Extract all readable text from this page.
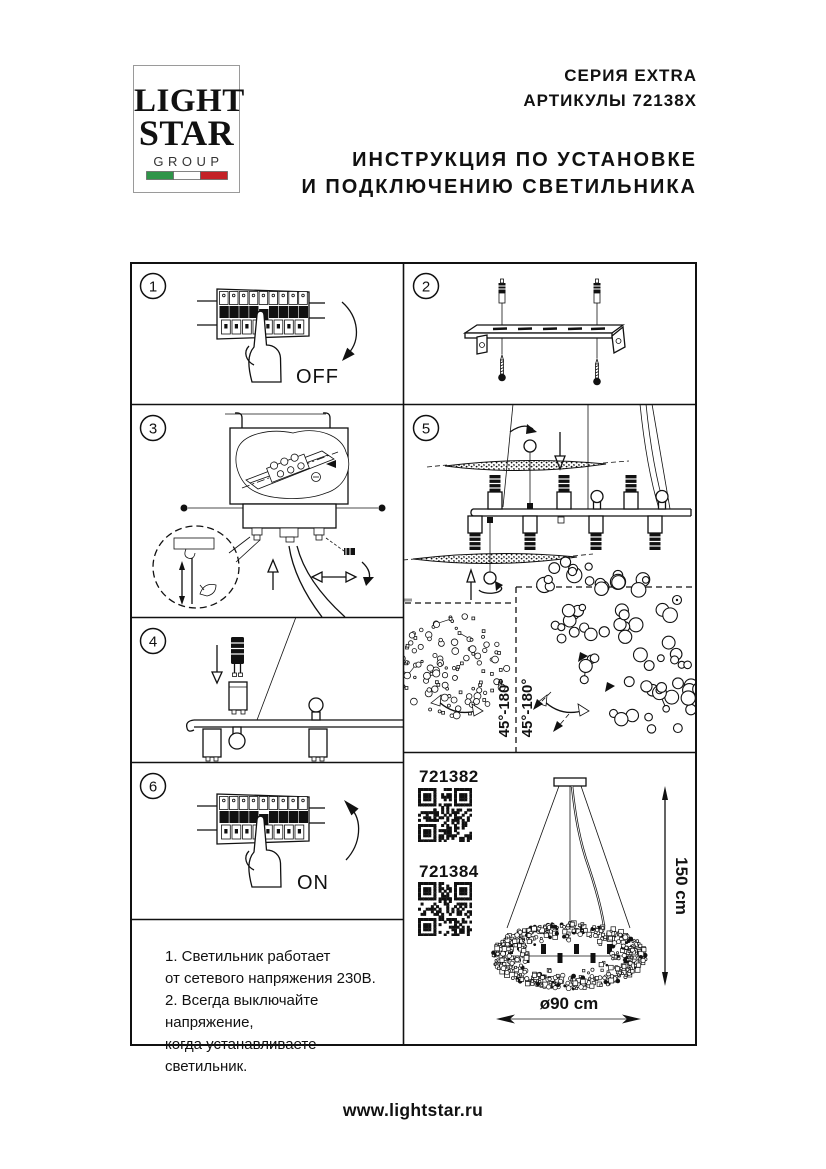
LIGHT
STAR
GROUP
СЕРИЯ EXTRA
АРТИКУЛЫ 72138X
ИНСТРУКЦИЯ ПО УСТАНОВКЕ
И ПОДКЛЮЧЕНИЮ СВЕТИЛЬНИКА
1
OFF
2
3
4
5
45°-180° 45°-180°
6
ON
1. Светильник работает
от сетевого напряжения 230В.
2. Всегда выключайте напряжение,
когда устанавливаете светильник.
721382
721384	150 cm
ø90 cm
www.lightstar.ru
